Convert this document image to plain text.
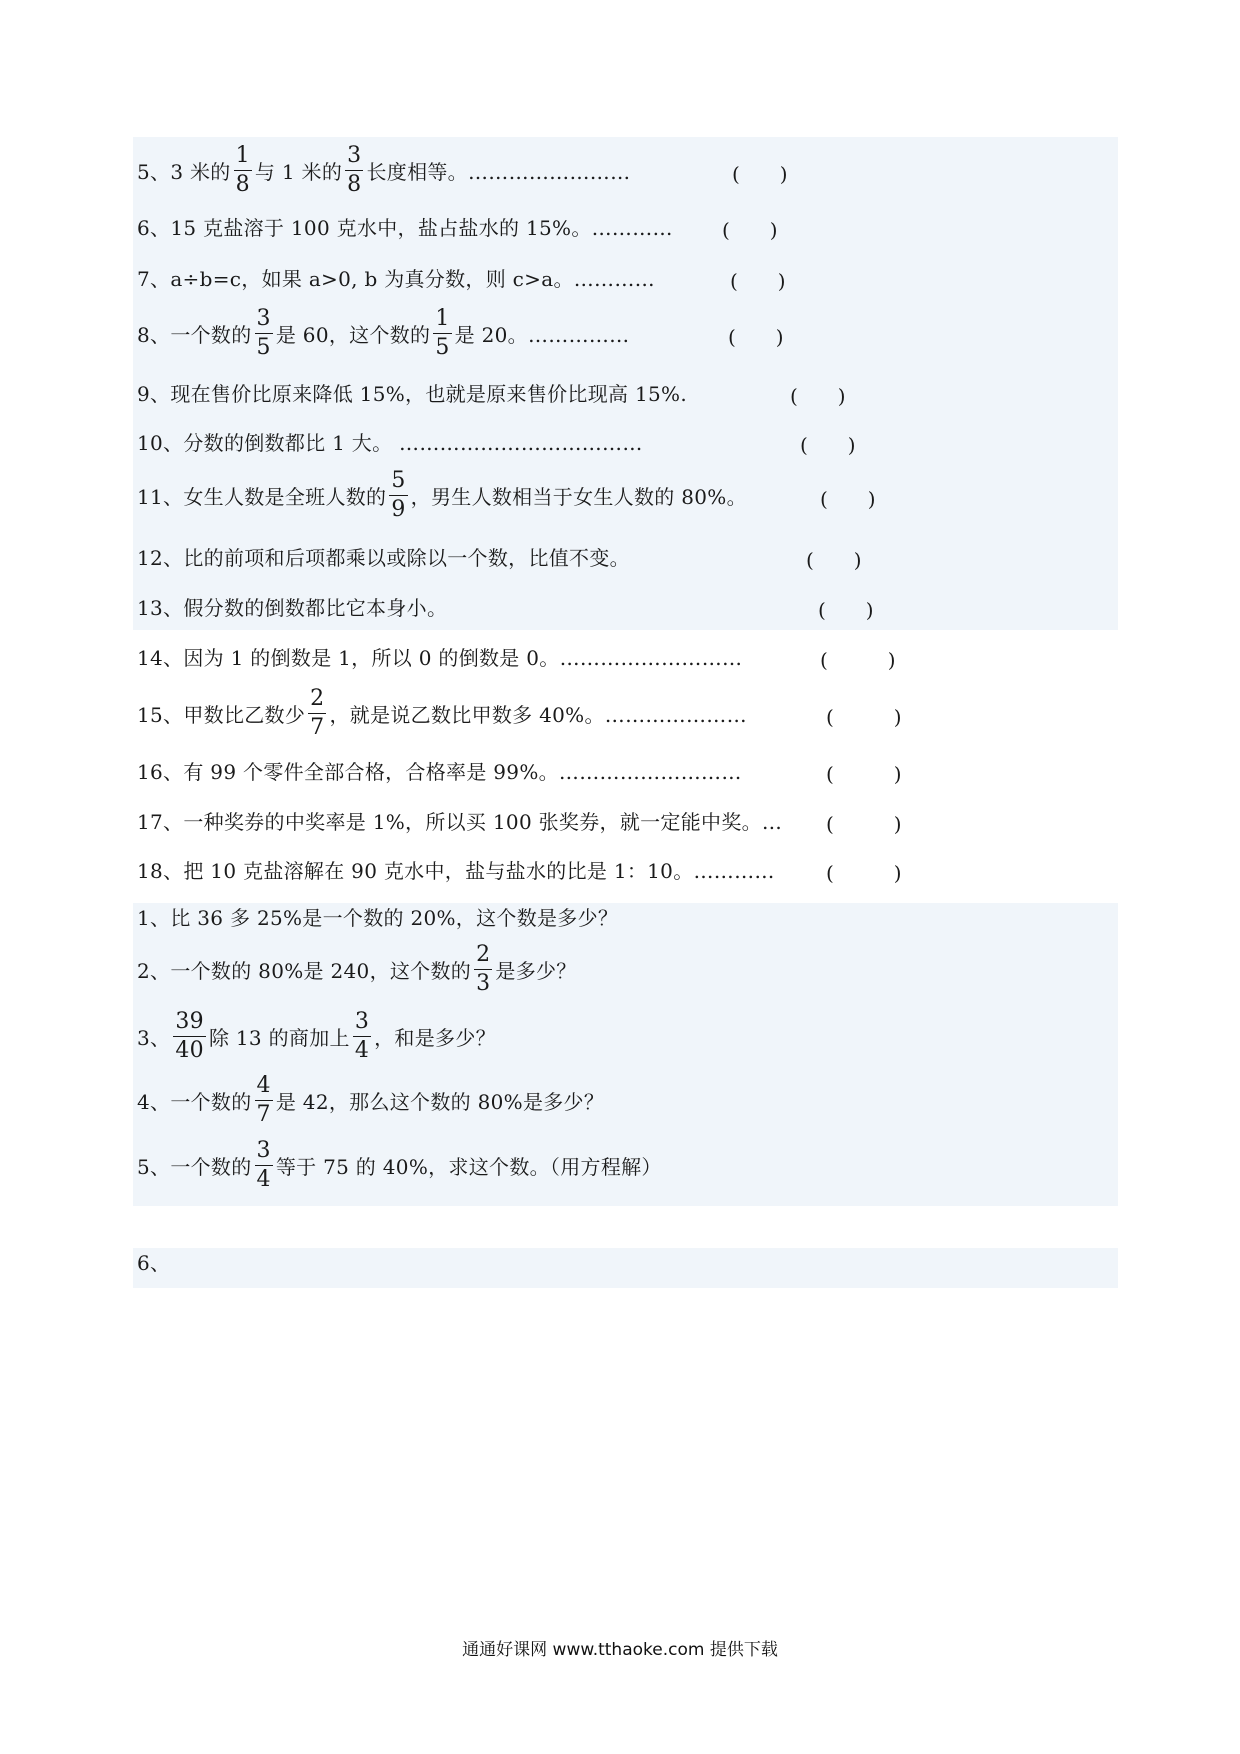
5、3 米的 $\frac{1}{8}$ 与 1 米的 $\frac{3}{8}$ 长度相等。……………………	(　　)
6、15 克盐溶于 100 克水中，盐占盐水的 15%。………… (　　)
7、a÷b=c，如果 a>0, b 为真分数，则 c>a。…………	(　　)
8、一个数的 $\frac{3}{5}$ 是 60，这个数的 $\frac{1}{5}$ 是 20。……………	(　　)
9、现在售价比原来降低 15%，也就是原来售价比现高 15%.	(　　)
10、分数的倒数都比 1 大。 ………………………………	(　　)
11、女生人数是全班人数的 $\frac{5}{9}$ ，男生人数相当于女生人数的 80%。	(　　)
12、比的前项和后项都乘以或除以一个数，比值不变。	(　　)
13、假分数的倒数都比它本身小。	(　　)
14、因为 1 的倒数是 1，所以 0 的倒数是 0。………………………	(　　　)
15、甲数比乙数少 $\frac{2}{7}$ ，就是说乙数比甲数多 40%。…………………	(　　　)
16、有 99 个零件全部合格，合格率是 99%。………………………	(　　　)
17、一种奖券的中奖率是 1%，所以买 100 张奖券，就一定能中奖。… (　　　)
18、把 10 克盐溶解在 90 克水中，盐与盐水的比是 1：10。…………	(　　　)
1、比 36 多 25%是一个数的 20%，这个数是多少？
2、一个数的 80%是 240，这个数的 $\frac{2}{3}$ 是多少？
3、 $\frac{39}{40}$ 除 13 的商加上 $\frac{3}{4}$ ，和是多少？
4、一个数的 $\frac{4}{7}$ 是 42，那么这个数的 80%是多少？
5、一个数的 $\frac{3}{4}$ 等于 75 的 40%，求这个数。（用方程解）
6、
通通好课网 www.tthaoke.com 提供下载
